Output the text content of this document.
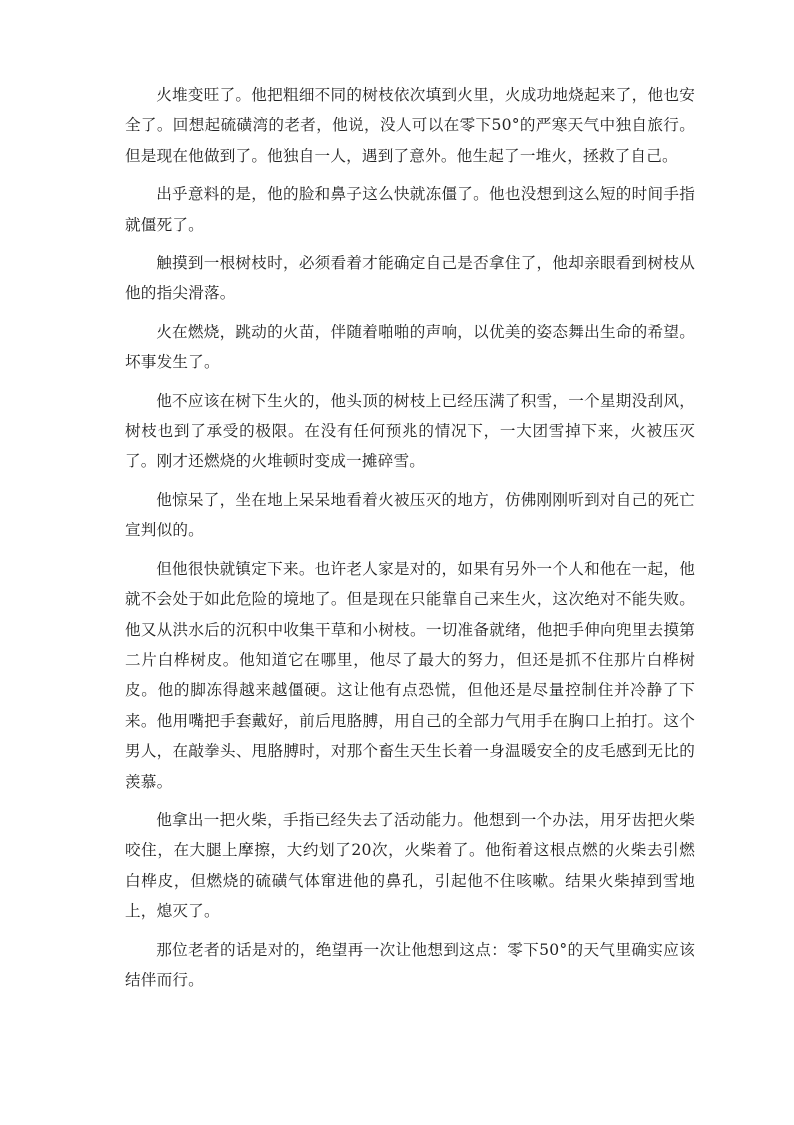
火堆变旺了。他把粗细不同的树枝依次填到火里，火成功地烧起来了，他也安全了。回想起硫磺湾的老者，他说，没人可以在零下50°的严寒天气中独自旅行。但是现在他做到了。他独自一人，遇到了意外。他生起了一堆火，拯救了自己。

出乎意料的是，他的脸和鼻子这么快就冻僵了。他也没想到这么短的时间手指就僵死了。

触摸到一根树枝时，必须看着才能确定自己是否拿住了，他却亲眼看到树枝从他的指尖滑落。

火在燃烧，跳动的火苗，伴随着啪啪的声响，以优美的姿态舞出生命的希望。坏事发生了。

他不应该在树下生火的，他头顶的树枝上已经压满了积雪，一个星期没刮风，树枝也到了承受的极限。在没有任何预兆的情况下，一大团雪掉下来，火被压灭了。刚才还燃烧的火堆顿时变成一摊碎雪。

他惊呆了，坐在地上呆呆地看着火被压灭的地方，仿佛刚刚听到对自己的死亡宣判似的。

但他很快就镇定下来。也许老人家是对的，如果有另外一个人和他在一起，他就不会处于如此危险的境地了。但是现在只能靠自己来生火，这次绝对不能失败。他又从洪水后的沉积中收集干草和小树枝。一切准备就绪，他把手伸向兜里去摸第二片白桦树皮。他知道它在哪里，他尽了最大的努力，但还是抓不住那片白桦树皮。他的脚冻得越来越僵硬。这让他有点恐慌，但他还是尽量控制住并冷静了下来。他用嘴把手套戴好，前后甩胳膊，用自己的全部力气用手在胸口上拍打。这个男人，在敲拳头、甩胳膊时，对那个畜生天生长着一身温暖安全的皮毛感到无比的羡慕。

他拿出一把火柴，手指已经失去了活动能力。他想到一个办法，用牙齿把火柴咬住，在大腿上摩擦，大约划了20次，火柴着了。他衔着这根点燃的火柴去引燃白桦皮，但燃烧的硫磺气体窜进他的鼻孔，引起他不住咳嗽。结果火柴掉到雪地上，熄灭了。

那位老者的话是对的，绝望再一次让他想到这点：零下50°的天气里确实应该结伴而行。
